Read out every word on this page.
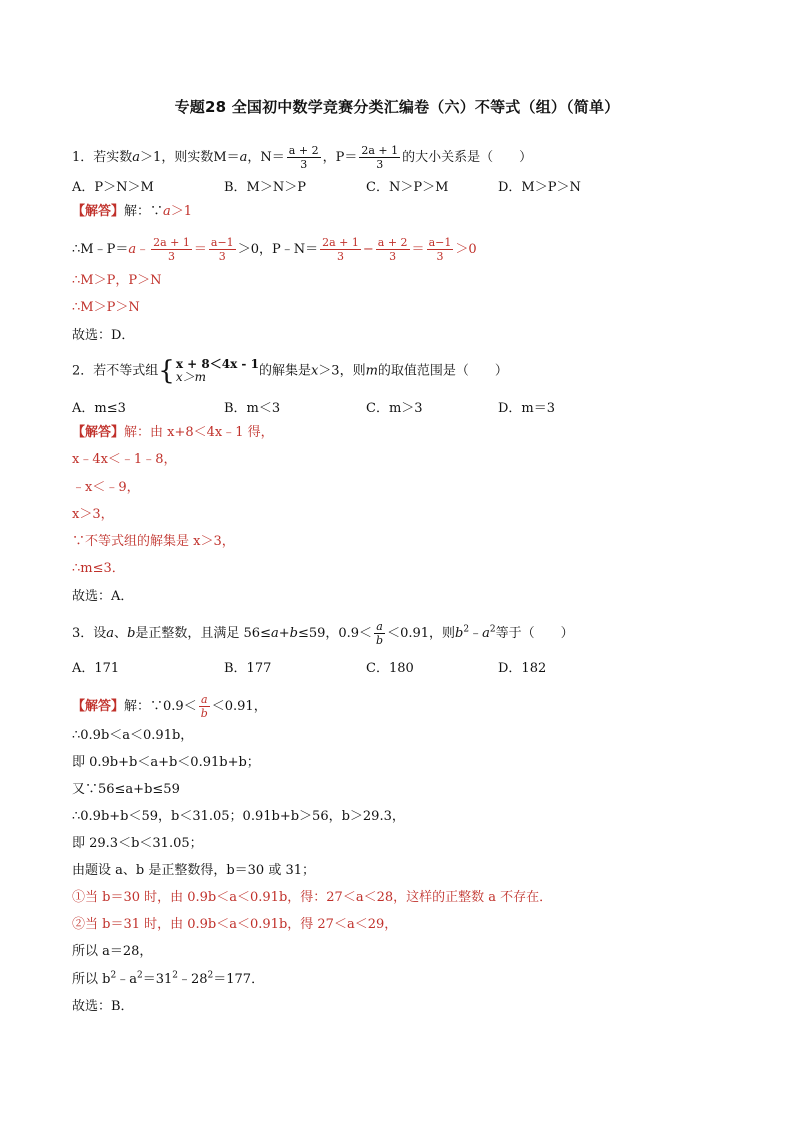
专题28 全国初中数学竞赛分类汇编卷（六）不等式（组）（简单）
1．若实数a＞1，则实数M＝a，$N= \frac{a + 2}{3}$ ，$P= \frac{2a + 1}{3}$ 的大小关系是（　　）
A．P＞N＞M	B．M＞N＞P	C．N＞P＞M	D．M＞P＞N
【解答】解：∵a＞1
∴M﹣P＝a﹣ $\frac{2a + 1}{3} = \frac{a-1}{3} >0$，P﹣N＝ $\frac{2a + 1}{3} - \frac{a + 2}{3} = \frac{a-1}{3} >0$
∴M＞P，P＞N
∴M＞P＞N
故选：D．
2．若不等式组{ x + 8＜4x - 1
x＞m	的解集是x＞3，则m的取值范围是（　　）
A．m≤3	B．m＜3	C．m＞3	D．m＝3
【解答】解：由 x+8＜4x﹣1 得，
x﹣4x＜﹣1﹣8，
﹣x＜﹣9，
x＞3，
∵不等式组的解集是 x＞3，
∴m≤3．
故选：A．
3．设a、b是正整数，且满足 56≤a+b≤59，$0.9< \frac{a}{b} <0.91$，则$b^2﹣a^2$等于（　　）
A．171	B．177	C．180	D．182
【解答】解：∵0.9＜ $\frac{a}{b} <0.91$，
∴0.9b＜a＜0.91b，
即 0.9b+b＜a+b＜0.91b+b；
又∵56≤a+b≤59
∴0.9b+b＜59，b＜31.05；0.91b+b＞56，b＞29.3，
即 29.3＜b＜31.05；
由题设 a、b 是正整数得，b＝30 或 31；
①当 b＝30 时，由 0.9b＜a＜0.91b，得：27＜a＜28，这样的正整数 a 不存在．
②当 b＝31 时，由 0.9b＜a＜0.91b，得 27＜a＜29，
所以 a＝28，
所以 $b^2﹣a^2=31^2﹣28^2=177$．
故选：B．
